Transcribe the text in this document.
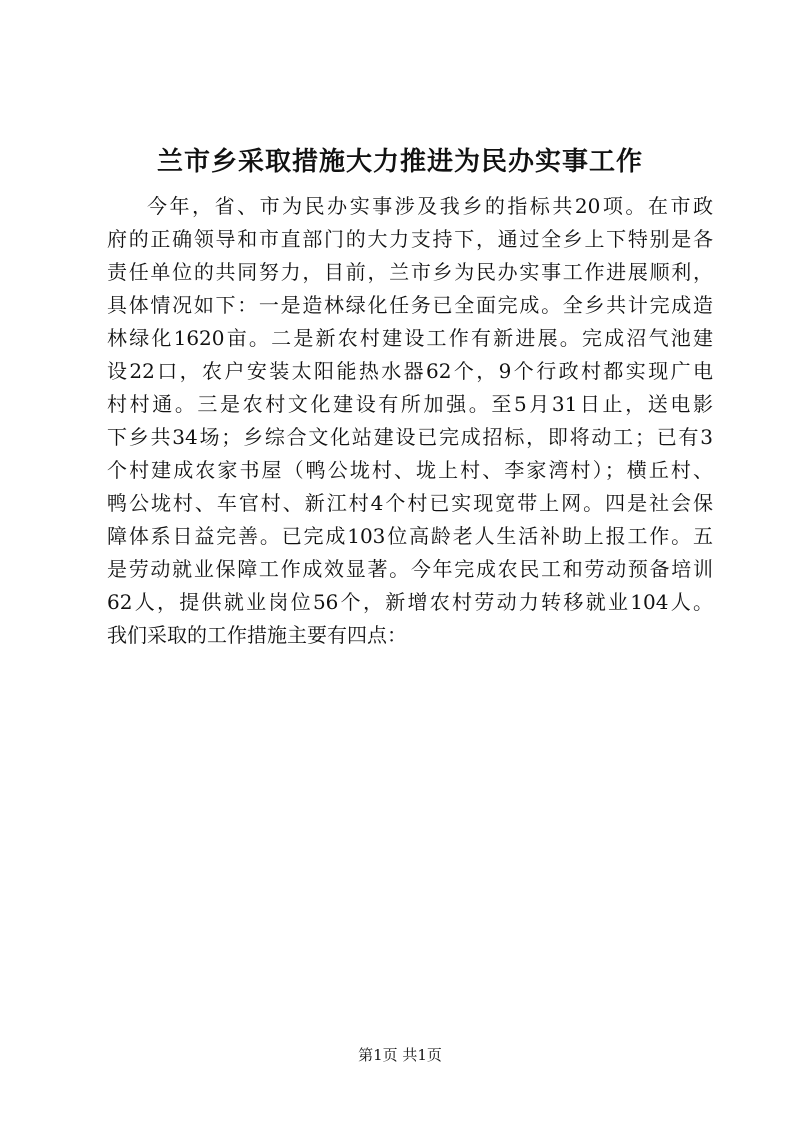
兰市乡采取措施大力推进为民办实事工作
今年，省、市为民办实事涉及我乡的指标共20项。在市政
府的正确领导和市直部门的大力支持下，通过全乡上下特别是各
责任单位的共同努力，目前，兰市乡为民办实事工作进展顺利，
具体情况如下：一是造林绿化任务已全面完成。全乡共计完成造
林绿化1620亩。二是新农村建设工作有新进展。完成沼气池建
设22口，农户安装太阳能热水器62个，9个行政村都实现广电
村村通。三是农村文化建设有所加强。至5月31日止，送电影
下乡共34场；乡综合文化站建设已完成招标，即将动工；已有3
个村建成农家书屋（鸭公垅村、垅上村、李家湾村）；横丘村、
鸭公垅村、车官村、新江村4个村已实现宽带上网。四是社会保
障体系日益完善。已完成103位高龄老人生活补助上报工作。五
是劳动就业保障工作成效显著。今年完成农民工和劳动预备培训
62人，提供就业岗位56个，新增农村劳动力转移就业104人。
我们采取的工作措施主要有四点：
第1页 共1页
